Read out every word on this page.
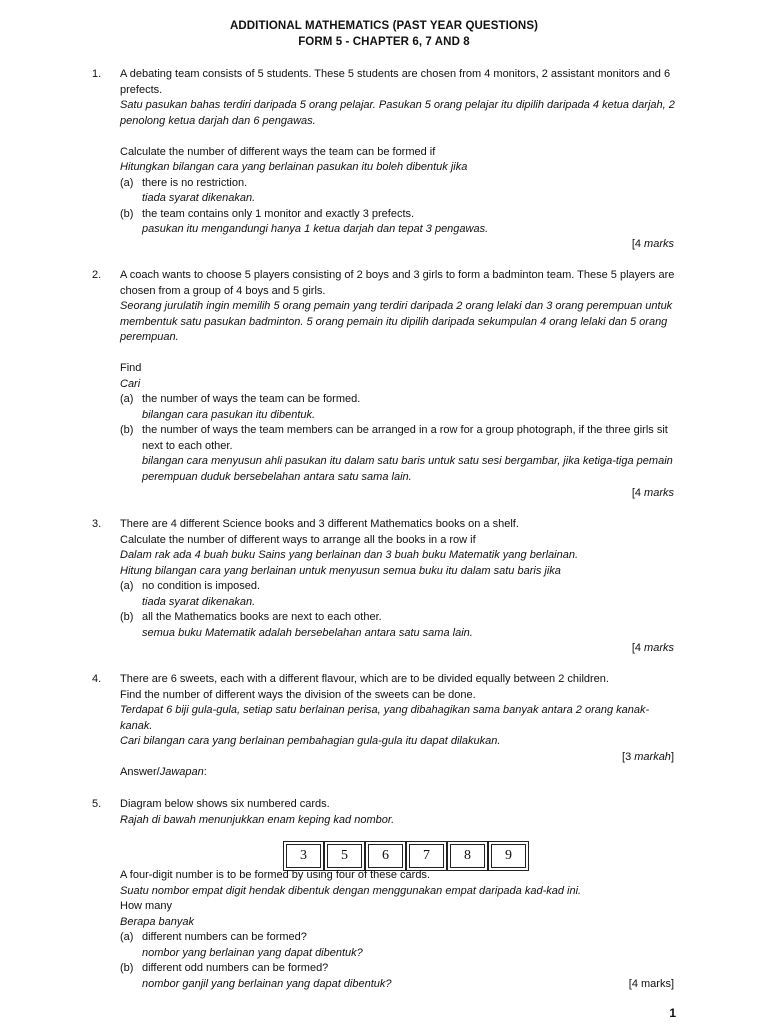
ADDITIONAL MATHEMATICS (PAST YEAR QUESTIONS)
FORM 5 - CHAPTER 6, 7 AND 8
1. A debating team consists of 5 students. These 5 students are chosen from 4 monitors, 2 assistant monitors and 6 prefects.
Satu pasukan bahas terdiri daripada 5 orang pelajar. Pasukan 5 orang pelajar itu dipilih daripada 4 ketua darjah, 2 penolong ketua darjah dan 6 pengawas.
Calculate the number of different ways the team can be formed if
Hitungkan bilangan cara yang berlainan pasukan itu boleh dibentuk jika
(a) there is no restriction.
tiada syarat dikenakan.
(b) the team contains only 1 monitor and exactly 3 prefects.
pasukan itu mengandungi hanya 1 ketua darjah dan tepat 3 pengawas.
[4 marks
2. A coach wants to choose 5 players consisting of 2 boys and 3 girls to form a badminton team. These 5 players are chosen from a group of 4 boys and 5 girls.
Seorang jurulatih ingin memilih 5 orang pemain yang terdiri daripada 2 orang lelaki dan 3 orang perempuan untuk membentuk satu pasukan badminton. 5 orang pemain itu dipilih daripada sekumpulan 4 orang lelaki dan 5 orang perempuan.
Find
Cari
(a) the number of ways the team can be formed.
bilangan cara pasukan itu dibentuk.
(b) the number of ways the team members can be arranged in a row for a group photograph, if the three girls sit next to each other.
bilangan cara menyusun ahli pasukan itu dalam satu baris untuk satu sesi bergambar, jika ketiga-tiga pemain perempuan duduk bersebelahan antara satu sama lain.
[4 marks
3. There are 4 different Science books and 3 different Mathematics books on a shelf.
Calculate the number of different ways to arrange all the books in a row if
Dalam rak ada 4 buah buku Sains yang berlainan dan 3 buah buku Matematik yang berlainan.
Hitung bilangan cara yang berlainan untuk menyusun semua buku itu dalam satu baris jika
(a) no condition is imposed.
tiada syarat dikenakan.
(b) all the Mathematics books are next to each other.
semua buku Matematik adalah bersebelahan antara satu sama lain.
[4 marks
4. There are 6 sweets, each with a different flavour, which are to be divided equally between 2 children.
Find the number of different ways the division of the sweets can be done.
Terdapat 6 biji gula-gula, setiap satu berlainan perisa, yang dibahagikan sama banyak antara 2 orang kanak-kanak.
Cari bilangan cara yang berlainan pembahagian gula-gula itu dapat dilakukan.
Answer/Jawapan:
[3 markah]
5. Diagram below shows six numbered cards.
Rajah di bawah menunjukkan enam keping kad nombor.
3	5	6	7	8	9
A four-digit number is to be formed by using four of these cards.
Suatu nombor empat digit hendak dibentuk dengan menggunakan empat daripada kad-kad ini.
How many
Berapa banyak
(a) different numbers can be formed?
nombor yang berlainan yang dapat dibentuk?
(b) different odd numbers can be formed?
nombor ganjil yang berlainan yang dapat dibentuk?	[4 marks]
1
